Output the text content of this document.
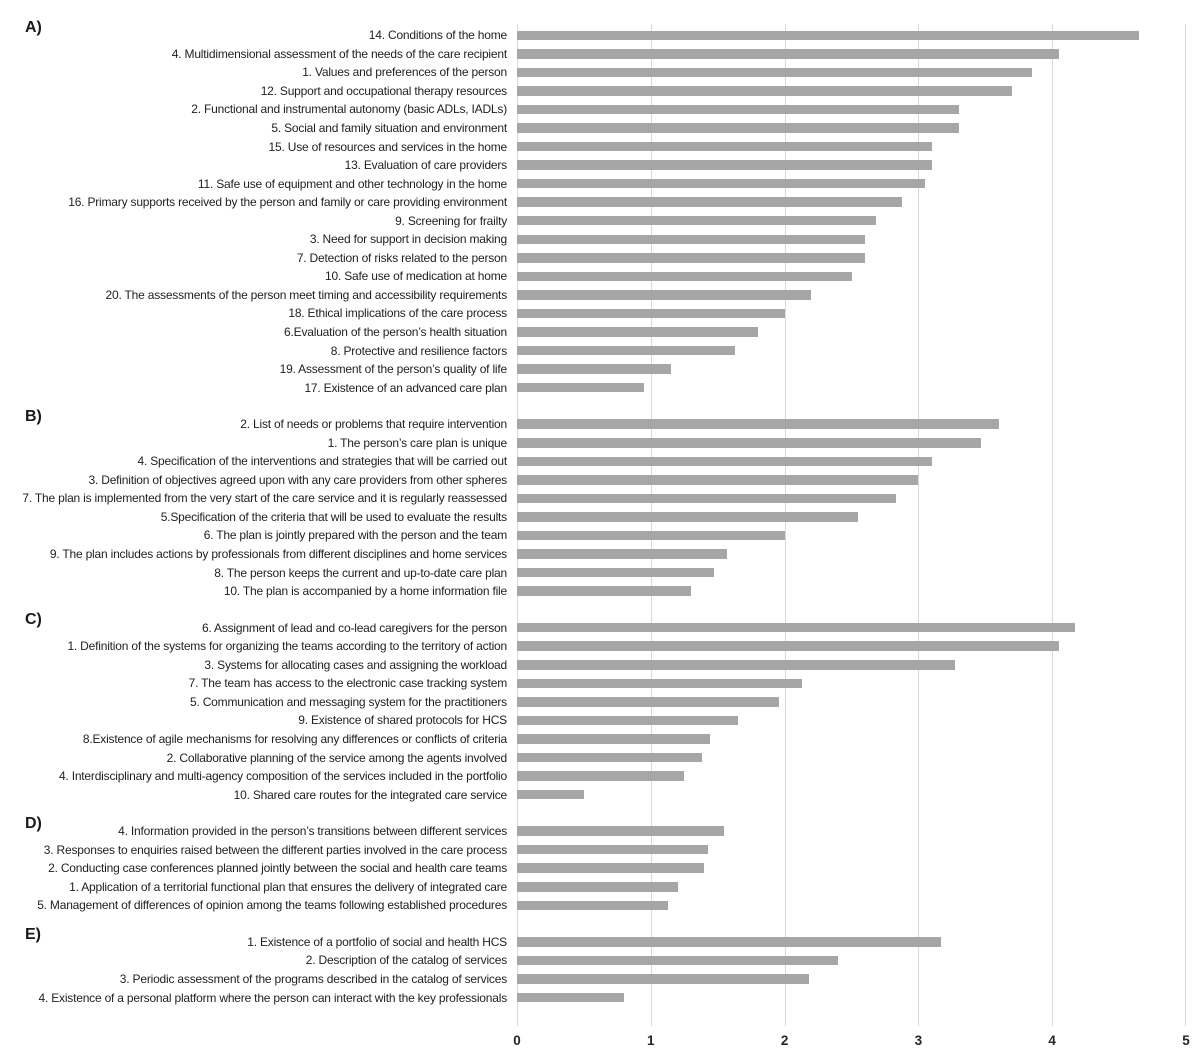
A)	14. Conditions of the home
4. Multidimensional assessment of the needs of the care recipient
1. Values and preferences of the person
12. Support and occupational therapy resources
2. Functional and instrumental autonomy (basic ADLs, IADLs)
5. Social and family situation and environment
15. Use of resources and services in the home
13. Evaluation of care providers
11. Safe use of equipment and other technology in the home
16. Primary supports received by the person and family or care providing environment
9. Screening for frailty
3. Need for support in decision making
7. Detection of risks related to the person
10. Safe use of medication at home
20. The assessments of the person meet timing and accessibility requirements
18. Ethical implications of the care process
6.Evaluation of the person’s health situation
8. Protective and resilience factors
19. Assessment of the person’s quality of life
17. Existence of an advanced care plan
B)	2. List of needs or problems that require intervention
1. The person’s care plan is unique
4. Specification of the interventions and strategies that will be carried out
3. Definition of objectives agreed upon with any care providers from other spheres
7. The plan is implemented from the very start of the care service and it is regularly reassessed
5.Specification of the criteria that will be used to evaluate the results
6. The plan is jointly prepared with the person and the team
9. The plan includes actions by professionals from different disciplines and home services
8. The person keeps the current and up-to-date care plan
10. The plan is accompanied by a home information file
C)	6. Assignment of lead and co-lead caregivers for the person
1. Definition of the systems for organizing the teams according to the territory of action
3. Systems for allocating cases and assigning the workload
7. The team has access to the electronic case tracking system
5. Communication and messaging system for the practitioners
9. Existence of shared protocols for HCS
8.Existence of agile mechanisms for resolving any differences or conflicts of criteria
2. Collaborative planning of the service among the agents involved
4. Interdisciplinary and multi-agency composition of the services included in the portfolio
10. Shared care routes for the integrated care service
D)	4. Information provided in the person’s transitions between different services
3. Responses to enquiries raised between the different parties involved in the care process
2. Conducting case conferences planned jointly between the social and health care teams
1. Application of a territorial functional plan that ensures the delivery of integrated care
5. Management of differences of opinion among the teams following established procedures
E)	1. Existence of a portfolio of social and health HCS
2. Description of the catalog of services
3. Periodic assessment of the programs described in the catalog of services
4. Existence of a personal platform where the person can interact with the key professionals
0	1	2	3	4	5
